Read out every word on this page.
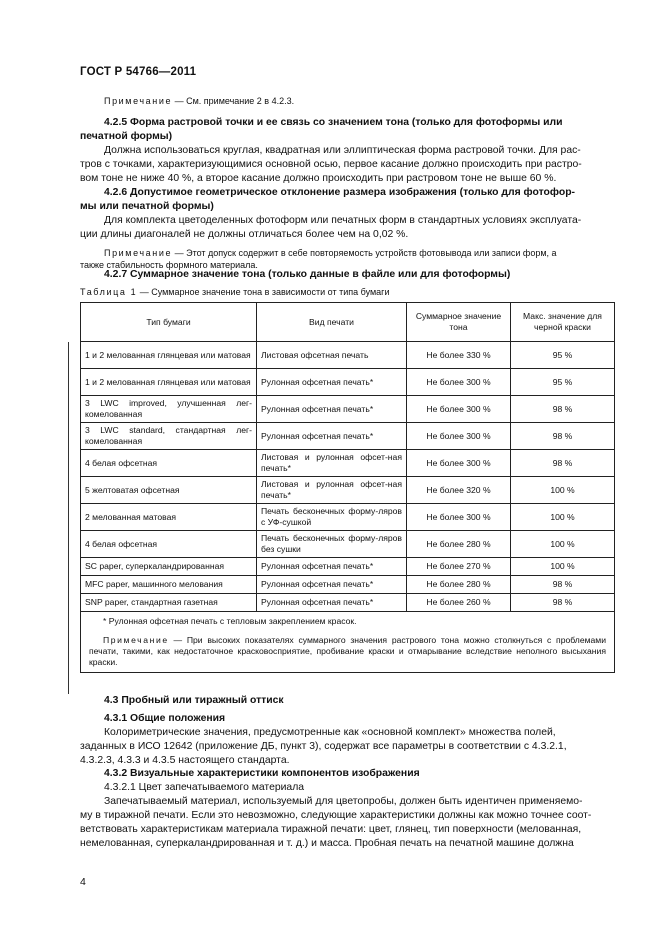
ГОСТ Р 54766—2011
Примечание — См. примечание 2 в 4.2.3.
4.2.5 Форма растровой точки и ее связь со значением тона (только для фотоформы или
печатной формы)
Должна использоваться круглая, квадратная или эллиптическая форма растровой точки. Для рас-
тров с точками, характеризующимися основной осью, первое касание должно происходить при растро-
вом тоне не ниже 40 %, а второе касание должно происходить при растровом тоне не выше 60 %.
4.2.6 Допустимое геометрическое отклонение размера изображения (только для фотофор-
мы или печатной формы)
Для комплекта цветоделенных фотоформ или печатных форм в стандартных условиях эксплуата-
ции длины диагоналей не должны отличаться более чем на 0,02 %.
Примечание — Этот допуск содержит в себе повторяемость устройств фотовывода или записи форм, а
также стабильность формного материала.
4.2.7 Суммарное значение тона (только данные в файле или для фотоформы)
Таблица 1 — Суммарное значение тона в зависимости от типа бумаги
Тип бумаги	Вид печати	Суммарное значение тона	Макс. значение для черной краски
1 и 2 мелованная глянцевая или матовая	Листовая офсетная печать	Не более 330 %	95 %
1 и 2 мелованная глянцевая или матовая	Рулонная офсетная печать*	Не более 300 %	95 %
3 LWC improved, улучшенная лег-комелованная	Рулонная офсетная печать*	Не более 300 %	98 %
3 LWC standard, стандартная лег-комелованная	Рулонная офсетная печать*	Не более 300 %	98 %
4 белая офсетная	Листовая и рулонная офсет-ная печать*	Не более 300 %	98 %
5 желтоватая офсетная	Листовая и рулонная офсет-ная печать*	Не более 320 %	100 %
2 мелованная матовая	Печать бесконечных форму-ляров с УФ-сушкой	Не более 300 %	100 %
4 белая офсетная	Печать бесконечных форму-ляров без сушки	Не более 280 %	100 %
SC paper, суперкаландрированная	Рулонная офсетная печать*	Не более 270 %	100 %
MFC paper, машинного мелования	Рулонная офсетная печать*	Не более 280 %	98 %
SNP paper, стандартная газетная	Рулонная офсетная печать*	Не более 260 %	98 %

* Рулонная офсетная печать с тепловым закреплением красок.
Примечание — При высоких показателях суммарного значения растрового тона можно столкнуться с проблемами печати, такими, как недостаточное красковосприятие, пробивание краски и отмарывание вследствие неполного высыхания краски.			
4.3 Пробный или тиражный оттиск
4.3.1 Общие положения
Колориметрические значения, предусмотренные как «основной комплект» множества полей,
заданных в ИСО 12642 (приложение ДБ, пункт 3), содержат все параметры в соответствии с 4.3.2.1,
4.3.2.3, 4.3.3 и 4.3.5 настоящего стандарта.
4.3.2 Визуальные характеристики компонентов изображения
4.3.2.1 Цвет запечатываемого материала
Запечатываемый материал, используемый для цветопробы, должен быть идентичен применяемо-
му в тиражной печати. Если это невозможно, следующие характеристики должны как можно точнее соот-
ветствовать характеристикам материала тиражной печати: цвет, глянец, тип поверхности (мелованная,
немелованная, суперкаландрированная и т. д.) и масса. Пробная печать на печатной машине должна
4
